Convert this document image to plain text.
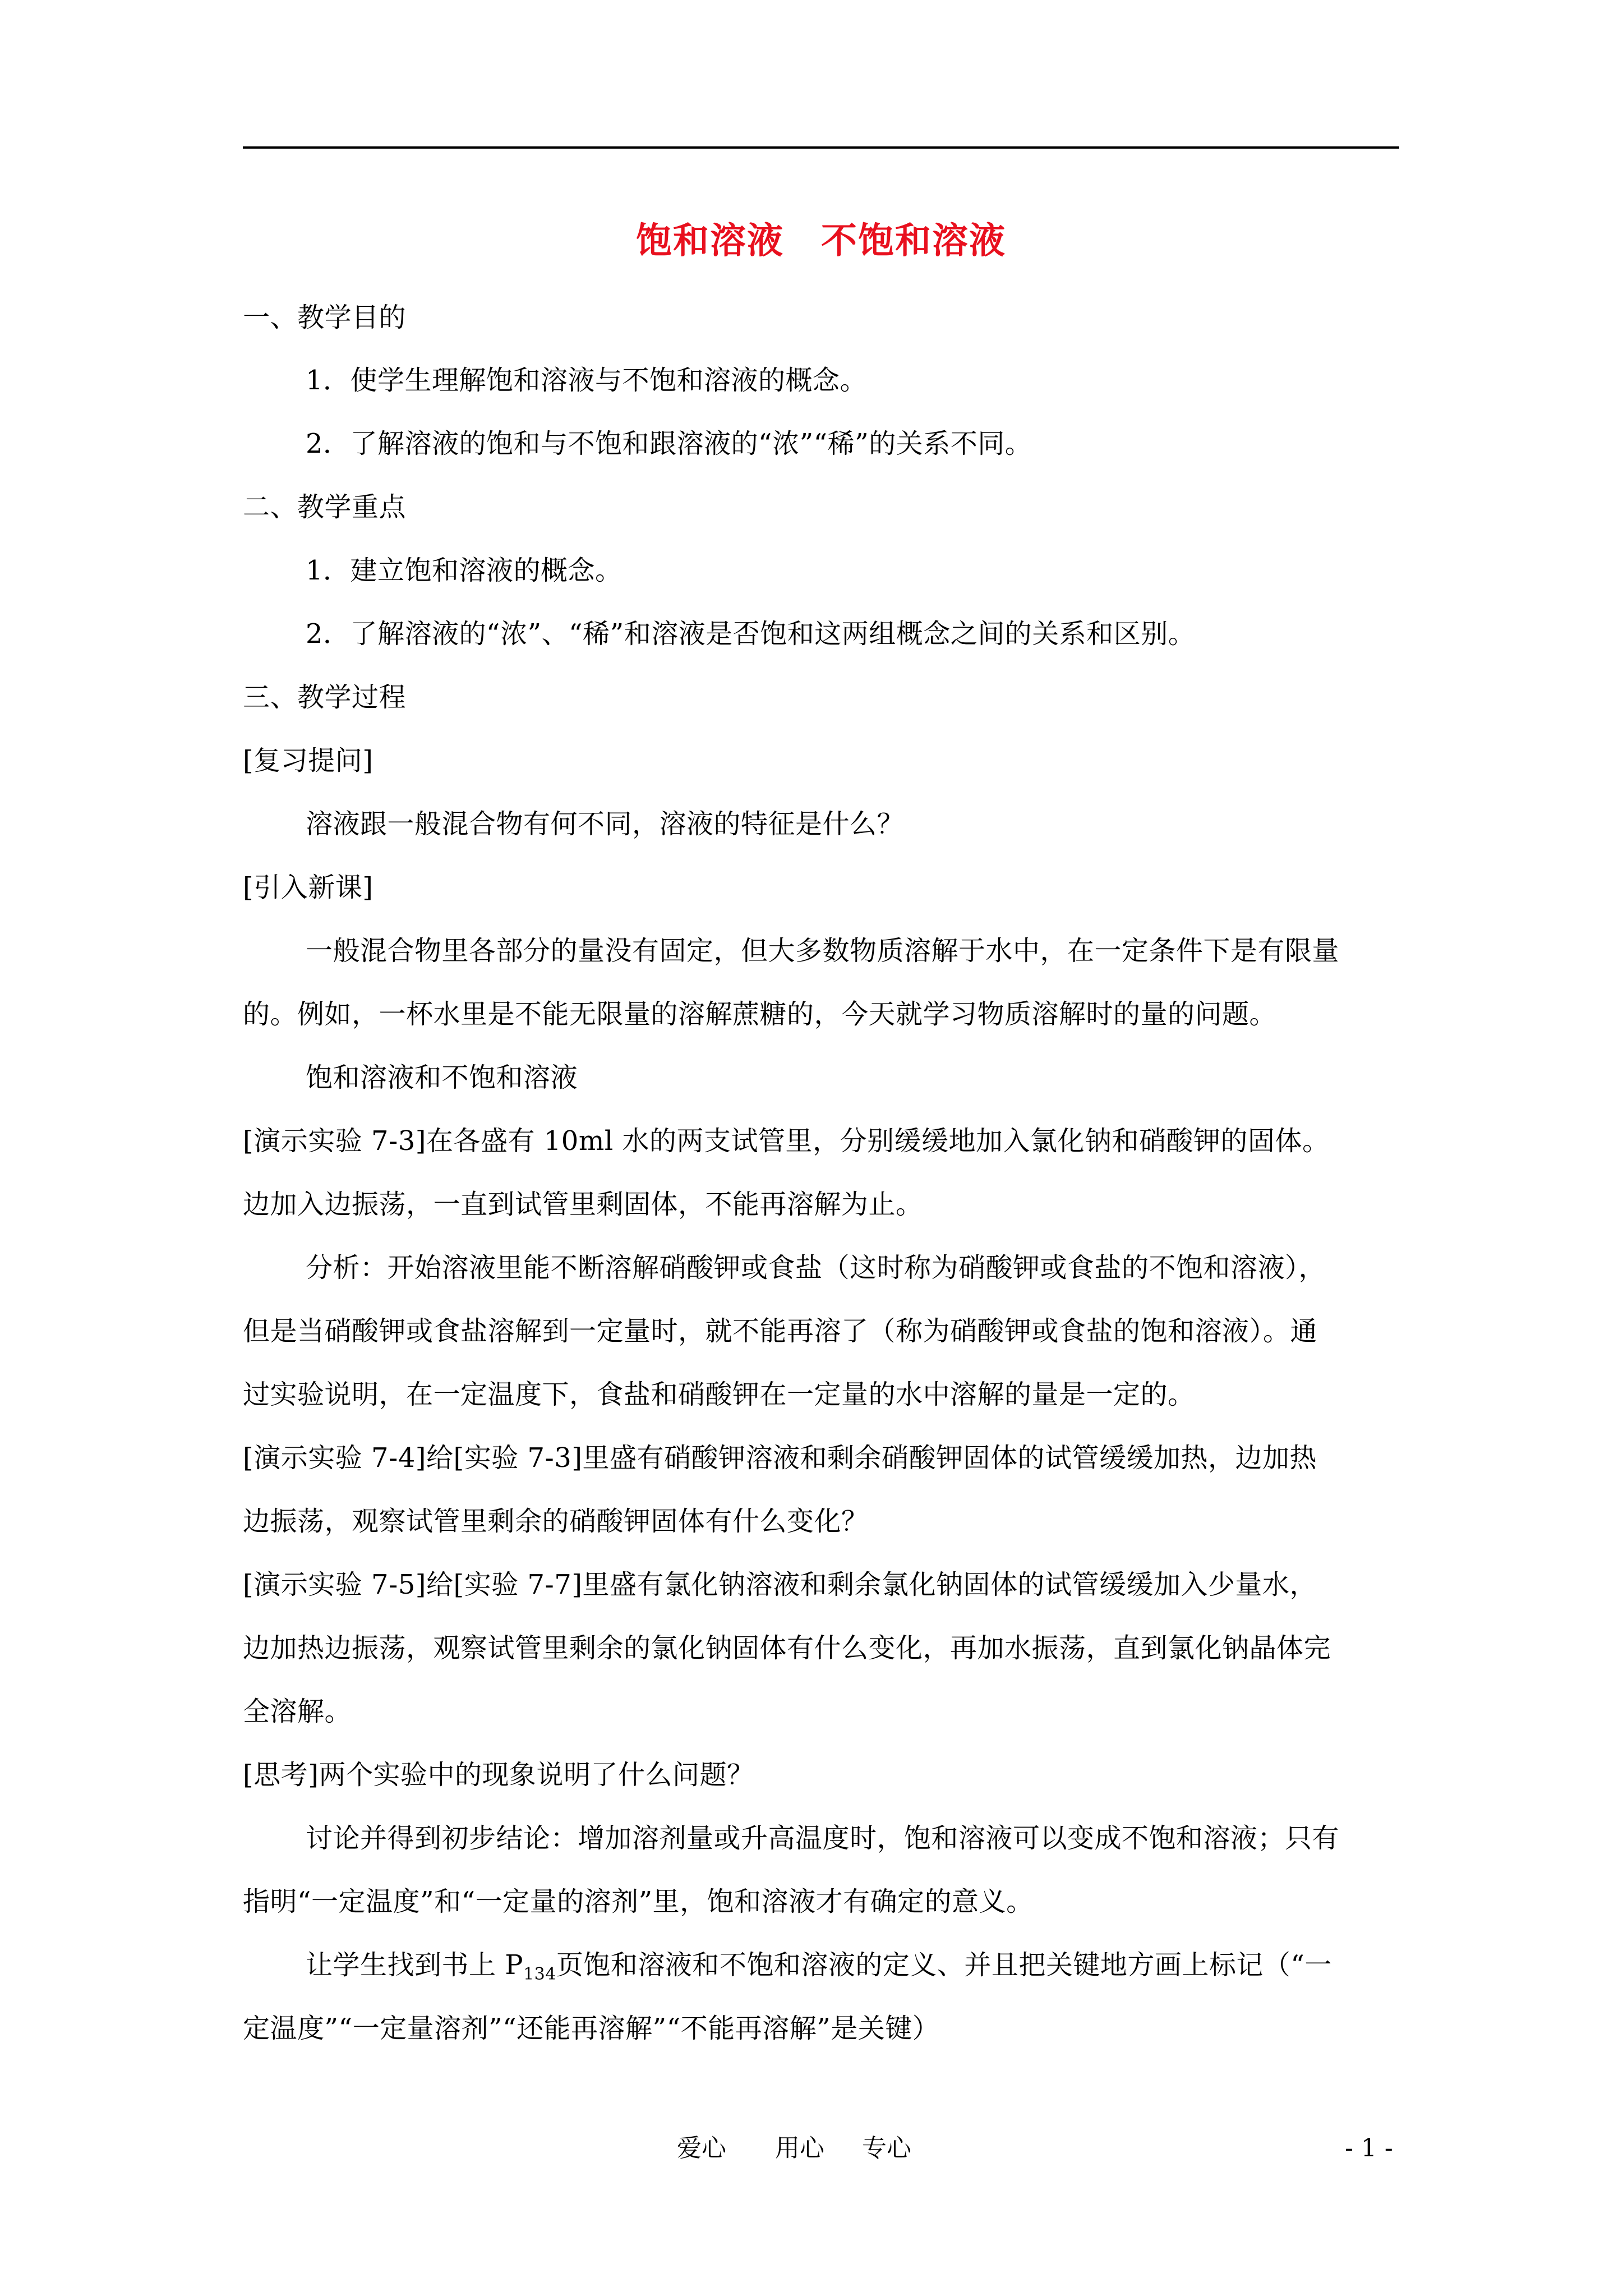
饱和溶液　不饱和溶液
一、教学目的
1．使学生理解饱和溶液与不饱和溶液的概念。
2．了解溶液的饱和与不饱和跟溶液的“浓”“稀”的关系不同。
二、教学重点
1．建立饱和溶液的概念。
2．了解溶液的“浓”、“稀”和溶液是否饱和这两组概念之间的关系和区别。
三、教学过程
[复习提问]
溶液跟一般混合物有何不同，溶液的特征是什么？
[引入新课]
一般混合物里各部分的量没有固定，但大多数物质溶解于水中，在一定条件下是有限量
的。例如，一杯水里是不能无限量的溶解蔗糖的，今天就学习物质溶解时的量的问题。
饱和溶液和不饱和溶液
[演示实验 7-3]在各盛有 10ml 水的两支试管里，分别缓缓地加入氯化钠和硝酸钾的固体。
边加入边振荡，一直到试管里剩固体，不能再溶解为止。
分析：开始溶液里能不断溶解硝酸钾或食盐（这时称为硝酸钾或食盐的不饱和溶液），
但是当硝酸钾或食盐溶解到一定量时，就不能再溶了（称为硝酸钾或食盐的饱和溶液）。通
过实验说明，在一定温度下，食盐和硝酸钾在一定量的水中溶解的量是一定的。
[演示实验 7-4]给[实验 7-3]里盛有硝酸钾溶液和剩余硝酸钾固体的试管缓缓加热，边加热
边振荡，观察试管里剩余的硝酸钾固体有什么变化？
[演示实验 7-5]给[实验 7-7]里盛有氯化钠溶液和剩余氯化钠固体的试管缓缓加入少量水，
边加热边振荡，观察试管里剩余的氯化钠固体有什么变化，再加水振荡，直到氯化钠晶体完
全溶解。
[思考]两个实验中的现象说明了什么问题？
讨论并得到初步结论：增加溶剂量或升高温度时，饱和溶液可以变成不饱和溶液；只有
指明“一定温度”和“一定量的溶剂”里，饱和溶液才有确定的意义。
让学生找到书上 $P_{134}$页饱和溶液和不饱和溶液的定义、并且把关键地方画上标记（“一
定温度”“一定量溶剂”“还能再溶解”“不能再溶解”是关键）
爱心 用心 专心	- 1 -
